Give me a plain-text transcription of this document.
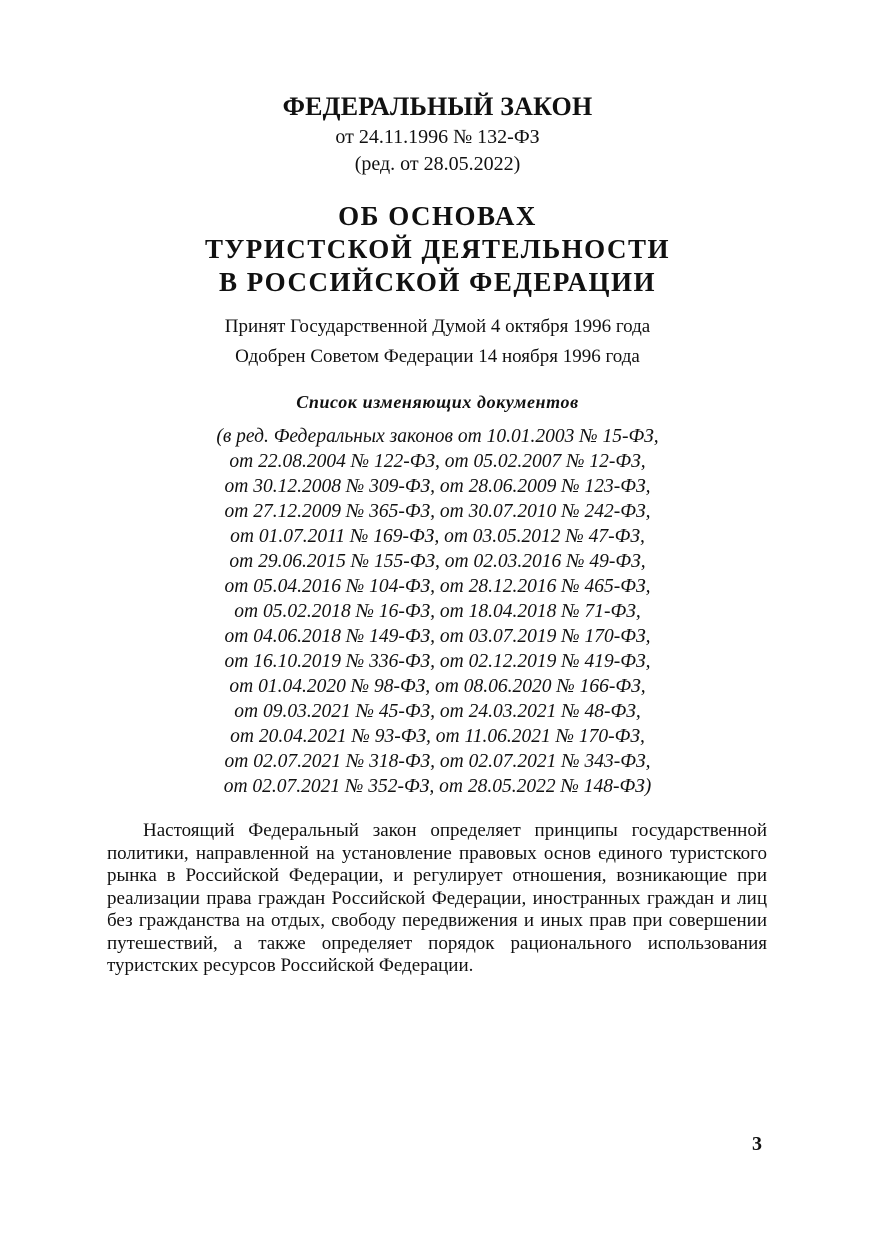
ФЕДЕРАЛЬНЫЙ ЗАКОН
от 24.11.1996 № 132-ФЗ
(ред. от 28.05.2022)
ОБ ОСНОВАХ
ТУРИСТСКОЙ ДЕЯТЕЛЬНОСТИ
В РОССИЙСКОЙ ФЕДЕРАЦИИ
Принят Государственной Думой 4 октября 1996 года
Одобрен Советом Федерации 14 ноября 1996 года
Список изменяющих документов
(в ред. Федеральных законов от 10.01.2003 № 15-ФЗ,
от 22.08.2004 № 122-ФЗ, от 05.02.2007 № 12-ФЗ,
от 30.12.2008 № 309-ФЗ, от 28.06.2009 № 123-ФЗ,
от 27.12.2009 № 365-ФЗ, от 30.07.2010 № 242-ФЗ,
от 01.07.2011 № 169-ФЗ, от 03.05.2012 № 47-ФЗ,
от 29.06.2015 № 155-ФЗ, от 02.03.2016 № 49-ФЗ,
от 05.04.2016 № 104-ФЗ, от 28.12.2016 № 465-ФЗ,
от 05.02.2018 № 16-ФЗ, от 18.04.2018 № 71-ФЗ,
от 04.06.2018 № 149-ФЗ, от 03.07.2019 № 170-ФЗ,
от 16.10.2019 № 336-ФЗ, от 02.12.2019 № 419-ФЗ,
от 01.04.2020 № 98-ФЗ, от 08.06.2020 № 166-ФЗ,
от 09.03.2021 № 45-ФЗ, от 24.03.2021 № 48-ФЗ,
от 20.04.2021 № 93-ФЗ, от 11.06.2021 № 170-ФЗ,
от 02.07.2021 № 318-ФЗ, от 02.07.2021 № 343-ФЗ,
от 02.07.2021 № 352-ФЗ, от 28.05.2022 № 148-ФЗ)

Настоящий Федеральный закон определяет принципы государственной политики, направленной на установление правовых основ единого туристского рынка в Российской Федерации, и регулирует отношения, возникающие при реализации права граждан Российской Федерации, иностранных граждан и лиц без гражданства на отдых, свободу передвижения и иных прав при совершении путешествий, а также определяет порядок рационального использования туристских ресурсов Российской Федерации.

3
